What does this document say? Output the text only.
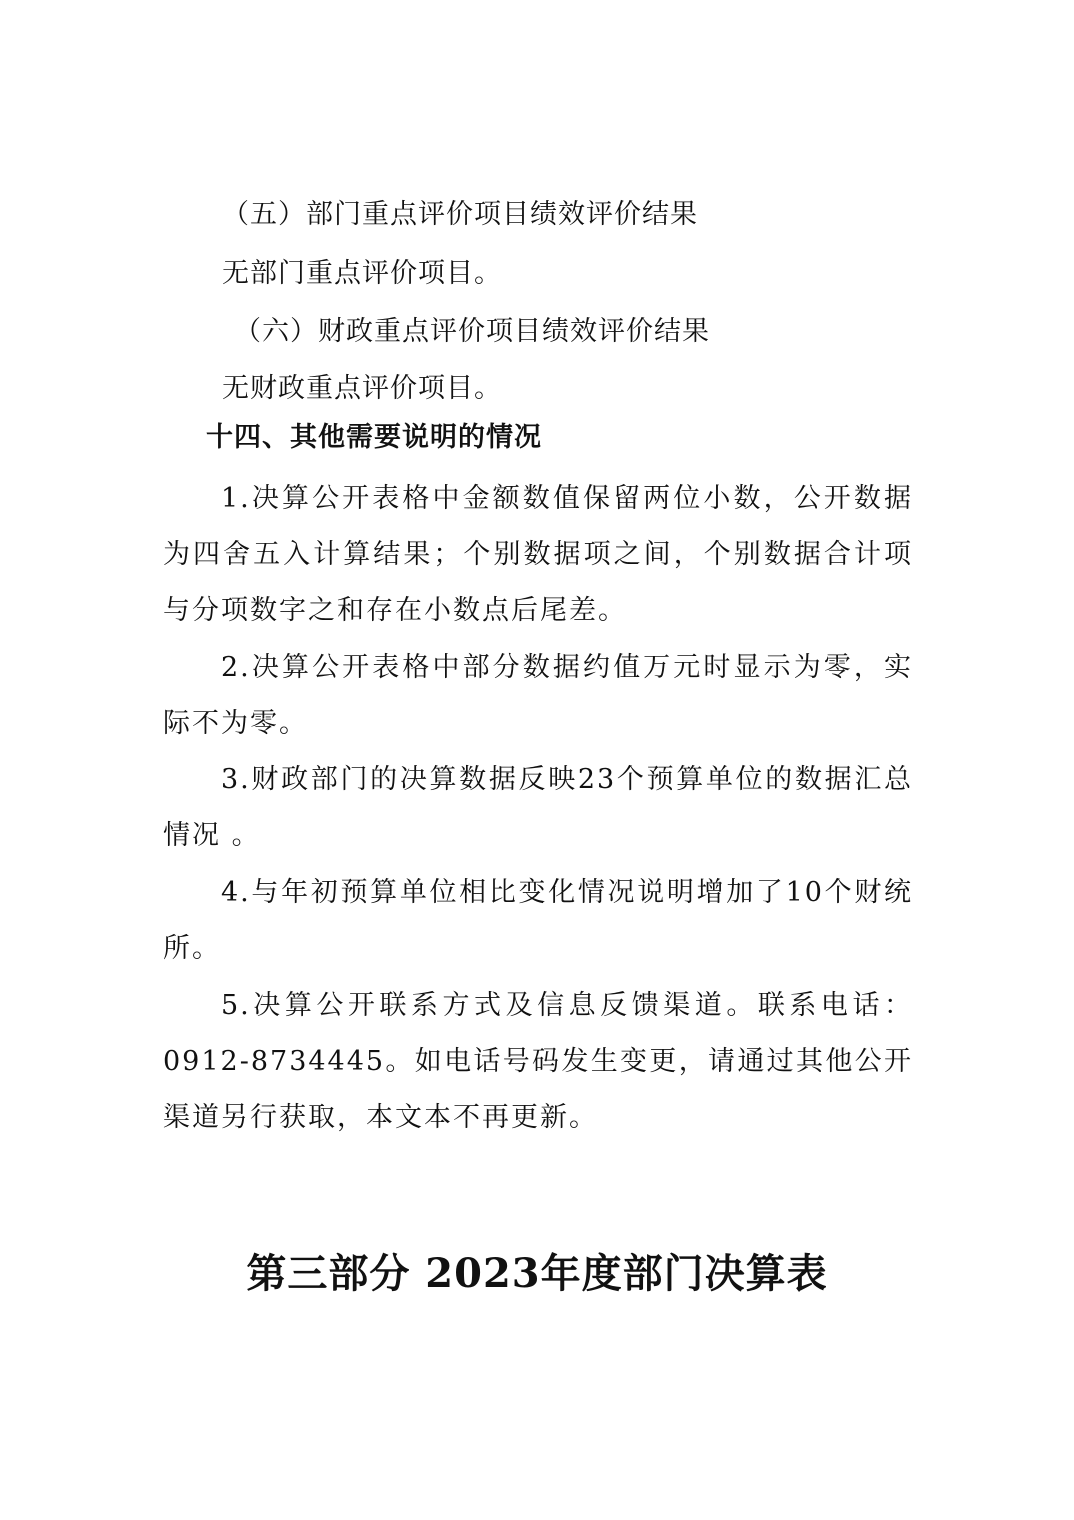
（五）部门重点评价项目绩效评价结果
无部门重点评价项目。
（六）财政重点评价项目绩效评价结果
无财政重点评价项目。
十四、其他需要说明的情况

1.决算公开表格中金额数值保留两位小数，公开数据为四舍五入计算结果；个别数据项之间，个别数据合计项与分项数字之和存在小数点后尾差。

2.决算公开表格中部分数据约值万元时显示为零，实际不为零。

3.财政部门的决算数据反映23个预算单位的数据汇总情况 。

4.与年初预算单位相比变化情况说明增加了10个财统所。

5.决算公开联系方式及信息反馈渠道。联系电话：0912-8734445。如电话号码发生变更，请通过其他公开渠道另行获取，本文本不再更新。

第三部分 2023年度部门决算表
